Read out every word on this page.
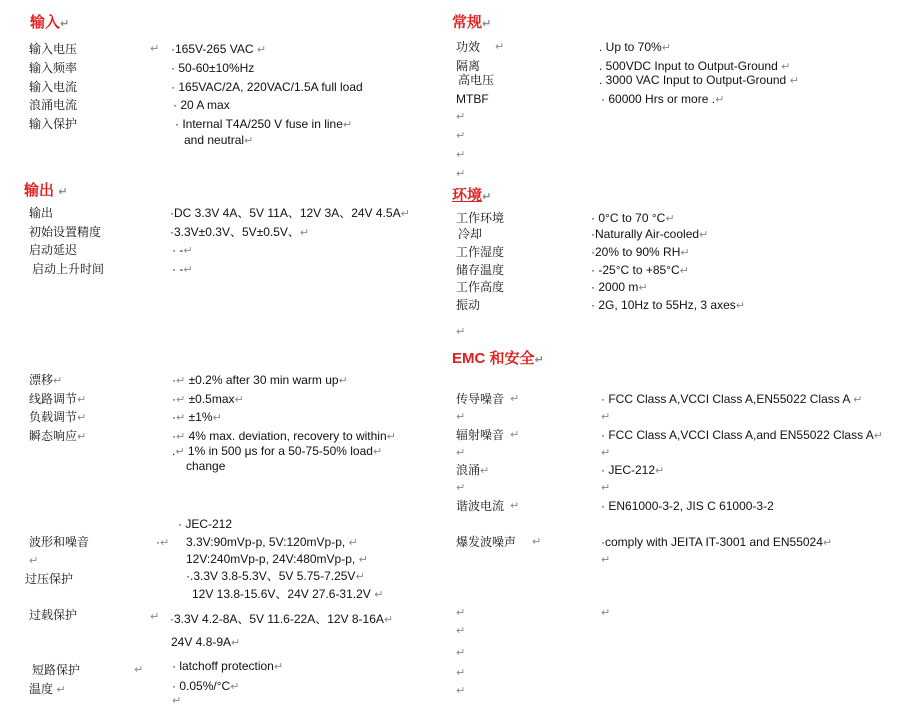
输入↵
输入电压	↵ ·165V-265 VAC ↵
输入频率	· 50-60±10%Hz
输入电流	· 165VAC/2A, 220VAC/1.5A full load
浪涌电流	· 20 A max
输入保护	· Internal T4A/250 V fuse in line↵
and neutral↵
输出 ↵
输出	·DC 3.3V 4A、5V 11A、12V 3A、24V 4.5A↵
初始设置精度	·3.3V±0.3V、5V±0.5V、↵
启动延迟	· -↵
启动上升时间	· -↵
漂移↵	·↵ ±0.2% after 30 min warm up↵
线路调节↵	·↵ ±0.5max↵
负载调节↵	·↵ ±1%↵
瞬态响应↵	·↵ 4% max. deviation, recovery to within↵
.↵ 1% in 500 μs for a 50-75-50% load↵
change
· JEC-212
波形和噪音	·↵ 3.3V:90mVp-p, 5V:120mVp-p, ↵
↵	12V:240mVp-p, 24V:480mVp-p, ↵
过压保护	·.3.3V 3.8-5.3V、5V 5.75-7.25V↵
12V 13.8-15.6V、24V 27.6-31.2V ↵
过载保护	↵ ·3.3V 4.2-8A、5V 11.6-22A、12V 8-16A↵
24V 4.8-9A↵
短路保护	↵ · latchoff protection↵
温度 ↵	· 0.05%/°C↵
↵
常规↵
功效 ↵	. Up to 70%↵
隔离	. 500VDC Input to Output-Ground ↵
高电压	. 3000 VAC Input to Output-Ground ↵
MTBF	· 60000 Hrs or more .↵
↵
↵
↵
↵
环境↵
工作环境	· 0°C to 70 °C↵
冷却	·Naturally Air-cooled↵
工作湿度	·20% to 90% RH↵
储存温度	· -25°C to +85°C↵
工作高度	· 2000 m↵
振动	· 2G, 10Hz to 55Hz, 3 axes↵
↵
EMC 和安全↵
传导噪音 ↵	· FCC Class A,VCCI Class A,EN55022 Class A ↵
↵	↵
辐射噪音 ↵	· FCC Class A,VCCI Class A,and EN55022 Class A↵
↵	↵
浪涌↵	· JEC-212↵
↵	↵
谐波电流 ↵	· EN61000-3-2, JIS C 61000-3-2
爆发波噪声 ↵	·comply with JEITA IT-3001 and EN55024↵
↵
↵	↵
↵
↵
↵
↵
